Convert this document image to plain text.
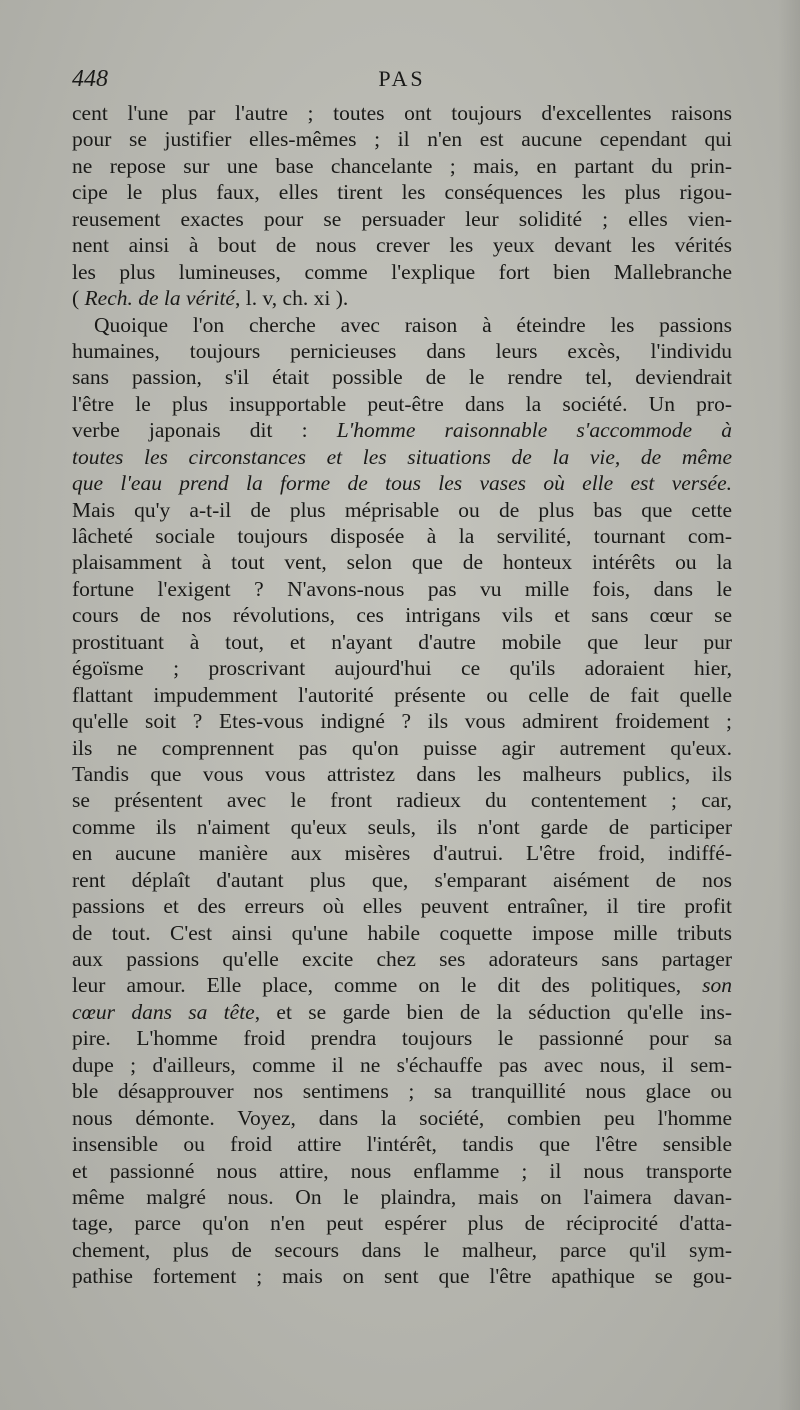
448	PAS
cent l'une par l'autre ; toutes ont toujours d'excellentes raisons
pour se justifier elles-mêmes ; il n'en est aucune cependant qui
ne repose sur une base chancelante ; mais, en partant du prin-
cipe le plus faux, elles tirent les conséquences les plus rigou-
reusement exactes pour se persuader leur solidité ; elles vien-
nent ainsi à bout de nous crever les yeux devant les vérités
les plus lumineuses, comme l'explique fort bien Mallebranche
( Rech. de la vérité, l. v, ch. xi ).
Quoique l'on cherche avec raison à éteindre les passions
humaines, toujours pernicieuses dans leurs excès, l'individu
sans passion, s'il était possible de le rendre tel, deviendrait
l'être le plus insupportable peut-être dans la société. Un pro-
verbe japonais dit : L'homme raisonnable s'accommode à
toutes les circonstances et les situations de la vie, de même
que l'eau prend la forme de tous les vases où elle est versée.
Mais qu'y a-t-il de plus méprisable ou de plus bas que cette
lâcheté sociale toujours disposée à la servilité, tournant com-
plaisamment à tout vent, selon que de honteux intérêts ou la
fortune l'exigent ? N'avons-nous pas vu mille fois, dans le
cours de nos révolutions, ces intrigans vils et sans cœur se
prostituant à tout, et n'ayant d'autre mobile que leur pur
égoïsme ; proscrivant aujourd'hui ce qu'ils adoraient hier,
flattant impudemment l'autorité présente ou celle de fait quelle
qu'elle soit ? Etes-vous indigné ? ils vous admirent froidement ;
ils ne comprennent pas qu'on puisse agir autrement qu'eux.
Tandis que vous vous attristez dans les malheurs publics, ils
se présentent avec le front radieux du contentement ; car,
comme ils n'aiment qu'eux seuls, ils n'ont garde de participer
en aucune manière aux misères d'autrui. L'être froid, indiffé-
rent déplaît d'autant plus que, s'emparant aisément de nos
passions et des erreurs où elles peuvent entraîner, il tire profit
de tout. C'est ainsi qu'une habile coquette impose mille tributs
aux passions qu'elle excite chez ses adorateurs sans partager
leur amour. Elle place, comme on le dit des politiques, son
cœur dans sa tête, et se garde bien de la séduction qu'elle ins-
pire. L'homme froid prendra toujours le passionné pour sa
dupe ; d'ailleurs, comme il ne s'échauffe pas avec nous, il sem-
ble désapprouver nos sentimens ; sa tranquillité nous glace ou
nous démonte. Voyez, dans la société, combien peu l'homme
insensible ou froid attire l'intérêt, tandis que l'être sensible
et passionné nous attire, nous enflamme ; il nous transporte
même malgré nous. On le plaindra, mais on l'aimera davan-
tage, parce qu'on n'en peut espérer plus de réciprocité d'atta-
chement, plus de secours dans le malheur, parce qu'il sym-
pathise fortement ; mais on sent que l'être apathique se gou-
